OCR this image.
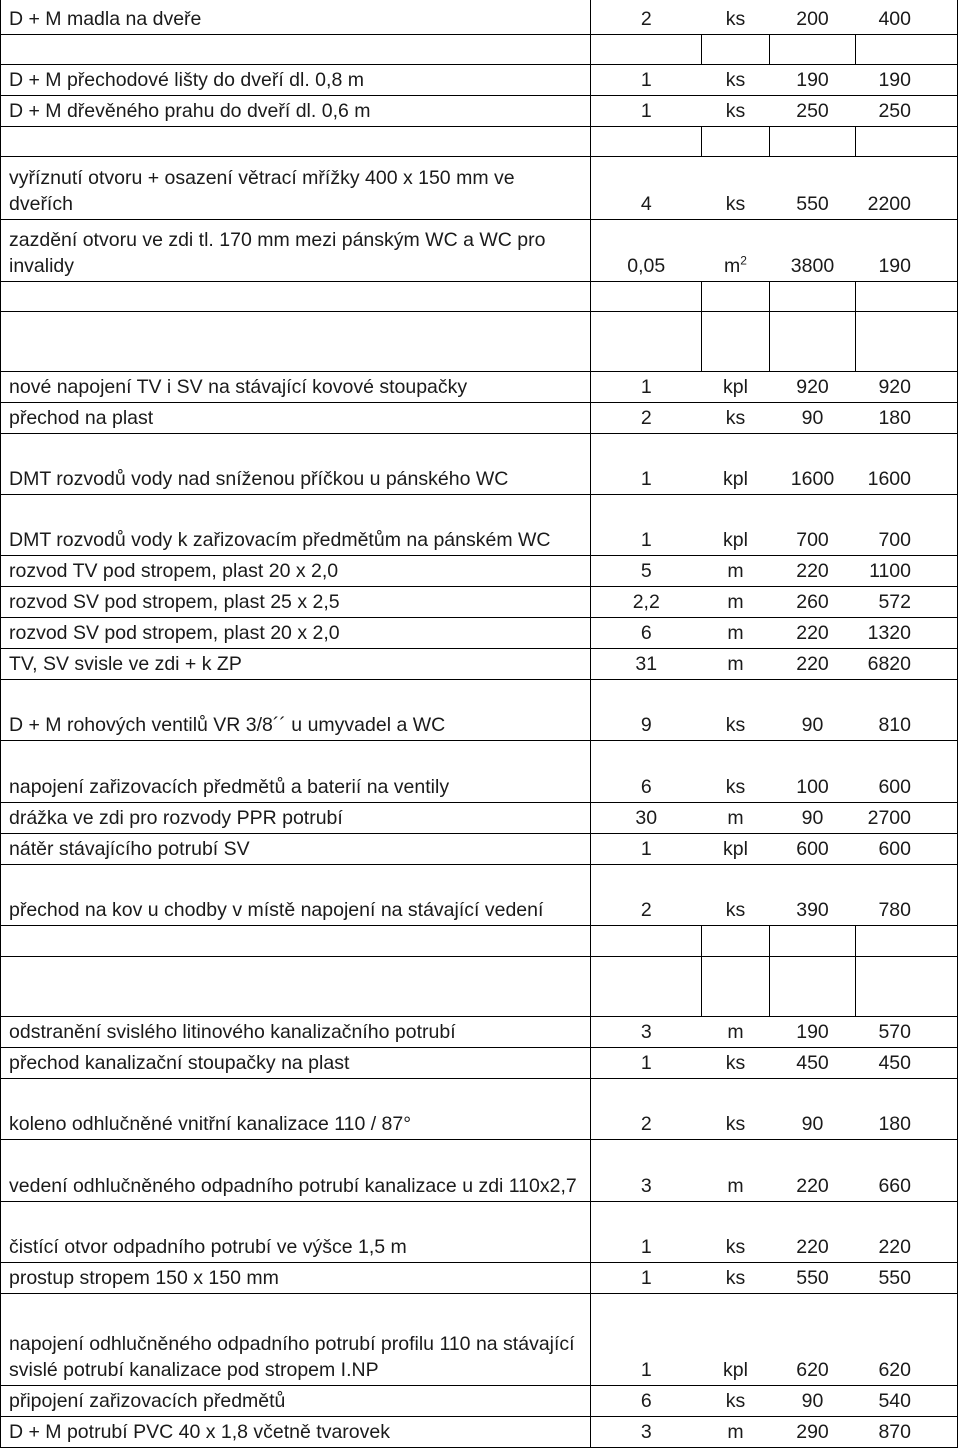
D + M madla na dveře	2	ks	200	400

D + M přechodové lišty do dveří dl. 0,8 m	1	ks	190	190
D + M dřevěného prahu do dveří dl. 0,6 m	1	ks	250	250

vyříznutí otvoru + osazení větrací mřížky 400 x 150 mm ve dveřích	4	ks	550	2200
zazdění otvoru ve zdi tl. 170 mm mezi pánským WC a WC pro invalidy	0,05	$m^2$	3800	190

nové napojení TV i SV na stávající kovové stoupačky	1	kpl	920	920
přechod na plast	2	ks	90	180
DMT rozvodů vody nad sníženou příčkou u pánského WC	1	kpl	1600	1600
DMT rozvodů vody k zařizovacím předmětům na pánském WC	1	kpl	700	700
rozvod TV pod stropem, plast 20 x 2,0	5	m	220	1100
rozvod SV pod stropem, plast 25 x 2,5	2,2	m	260	572
rozvod SV pod stropem, plast 20 x 2,0	6	m	220	1320
TV, SV svisle ve zdi + k ZP	31	m	220	6820
D + M rohových ventilů VR 3/8´´ u umyvadel a WC	9	ks	90	810
napojení zařizovacích předmětů a baterií na ventily	6	ks	100	600
drážka ve zdi pro rozvody PPR potrubí	30	m	90	2700
nátěr stávajícího potrubí SV	1	kpl	600	600
přechod na kov u chodby v místě napojení na stávající vedení	2	ks	390	780

odstranění svislého litinového kanalizačního potrubí	3	m	190	570
přechod kanalizační stoupačky na plast	1	ks	450	450
koleno odhlučněné vnitřní kanalizace 110 / 87°	2	ks	90	180
vedení odhlučněného odpadního potrubí kanalizace u zdi 110x2,7	3	m	220	660
čistící otvor odpadního potrubí ve výšce 1,5 m	1	ks	220	220
prostup stropem 150 x 150 mm	1	ks	550	550
napojení odhlučněného odpadního potrubí profilu 110 na stávající svislé potrubí kanalizace pod stropem I.NP	1	kpl	620	620
připojení zařizovacích předmětů	6	ks	90	540
D + M potrubí PVC 40 x 1,8 včetně tvarovek	3	m	290	870
